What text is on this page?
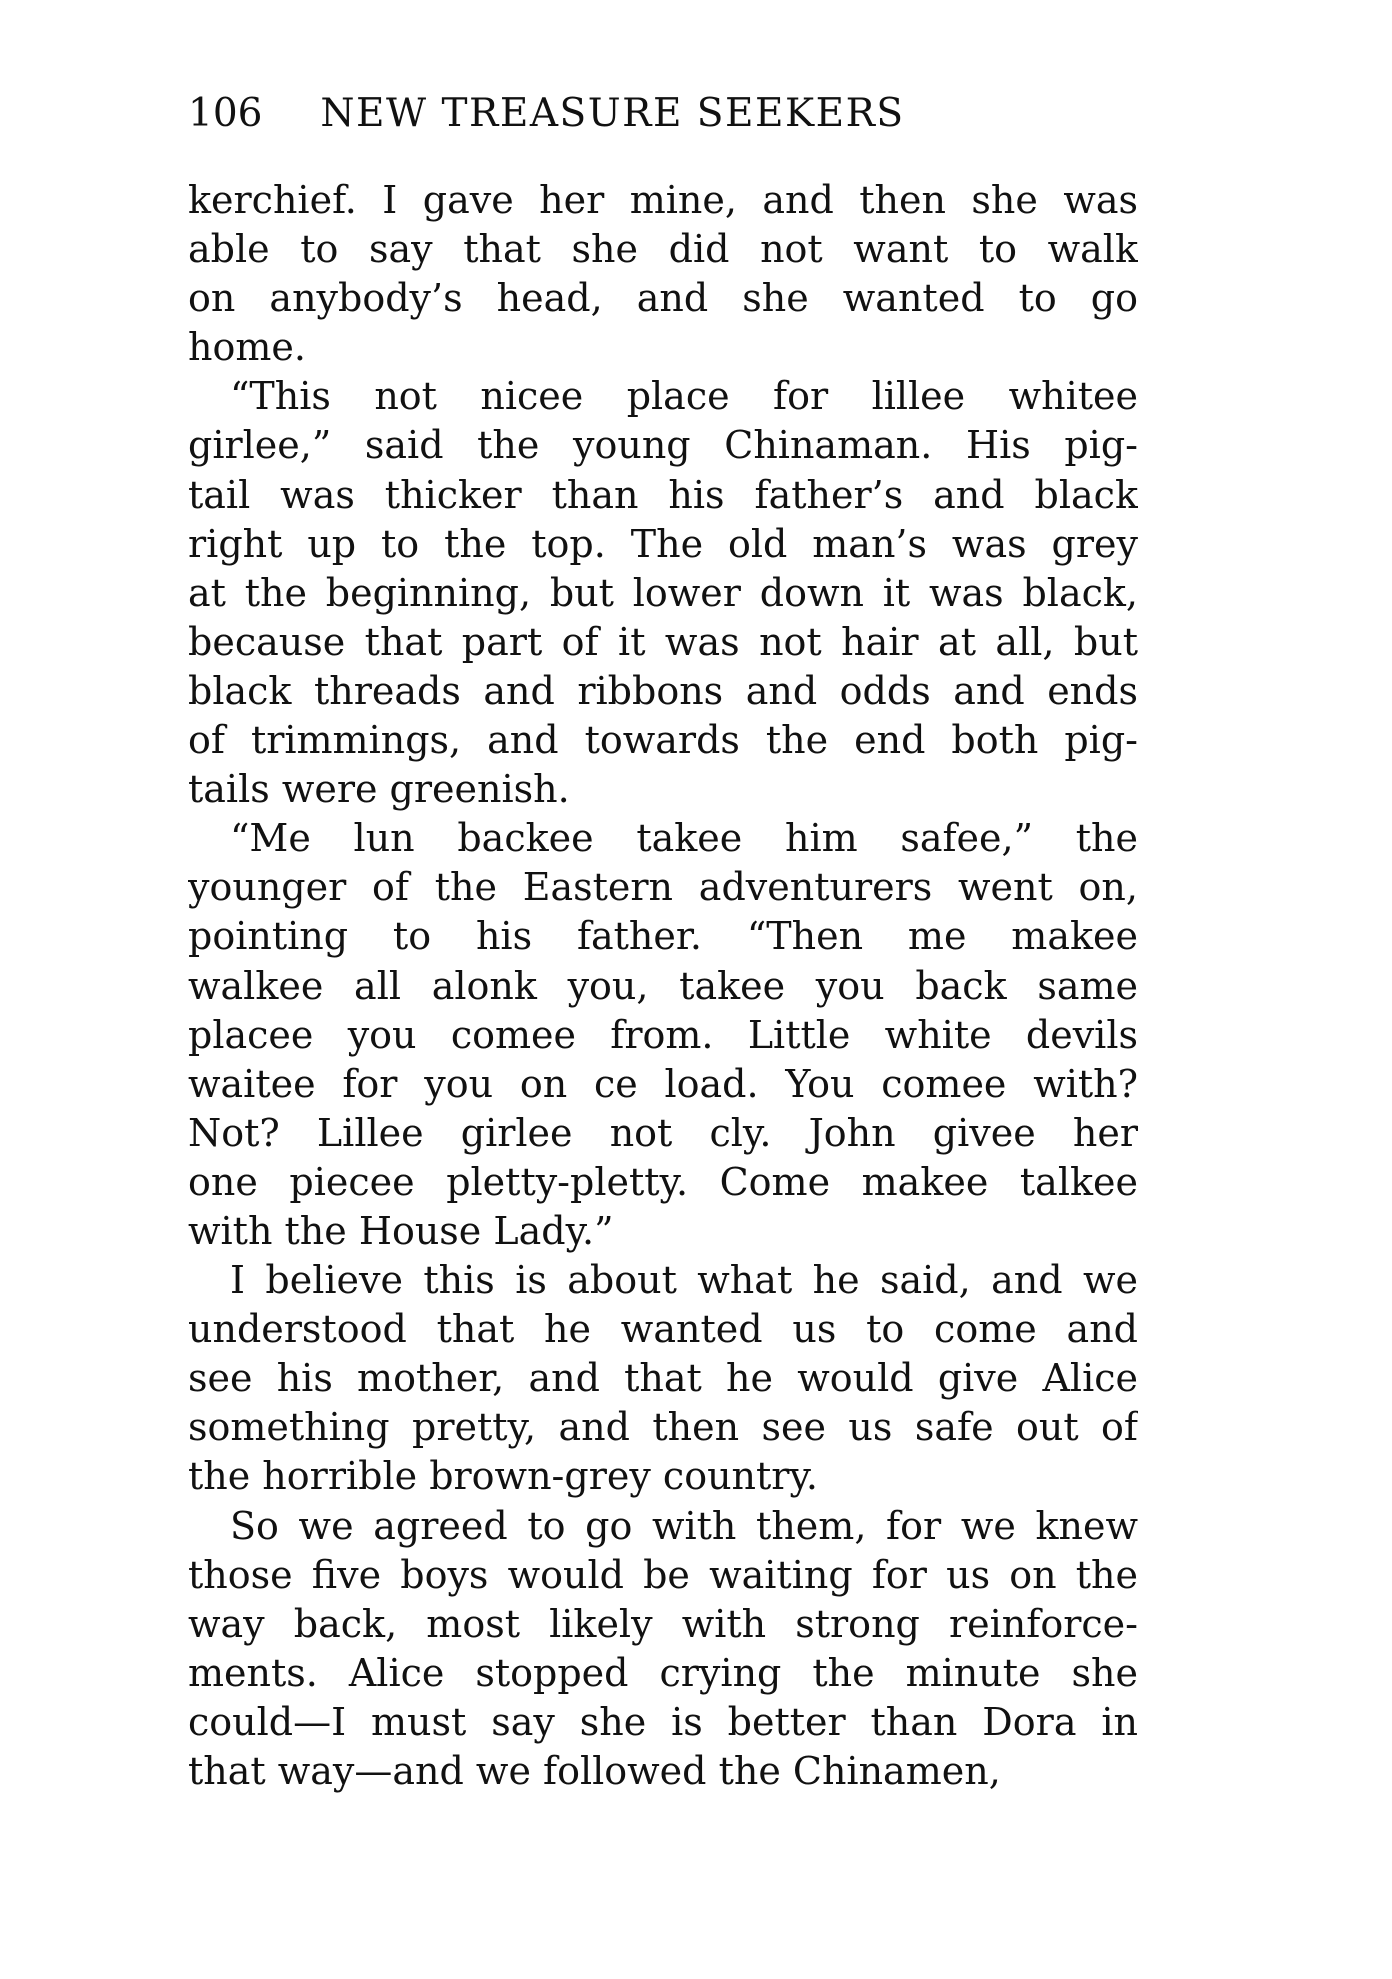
106 NEW TREASURE SEEKERS
kerchief. I gave her mine, and then she was
able to say that she did not want to walk
on anybody’s head, and she wanted to go
home.
“This not nicee place for lillee whitee
girlee,” said the young Chinaman. His pig-
tail was thicker than his father’s and black
right up to the top. The old man’s was grey
at the beginning, but lower down it was black,
because that part of it was not hair at all, but
black threads and ribbons and odds and ends
of trimmings, and towards the end both pig-
tails were greenish.
“Me lun backee takee him safee,” the
younger of the Eastern adventurers went on,
pointing to his father. “Then me makee
walkee all alonk you, takee you back same
placee you comee from. Little white devils
waitee for you on ce load. You comee with?
Not? Lillee girlee not cly. John givee her
one piecee pletty-pletty. Come makee talkee
with the House Lady.”
I believe this is about what he said, and we
understood that he wanted us to come and
see his mother, and that he would give Alice
something pretty, and then see us safe out of
the horrible brown-grey country.
So we agreed to go with them, for we knew
those five boys would be waiting for us on the
way back, most likely with strong reinforce-
ments. Alice stopped crying the minute she
could—I must say she is better than Dora in
that way—and we followed the Chinamen,
